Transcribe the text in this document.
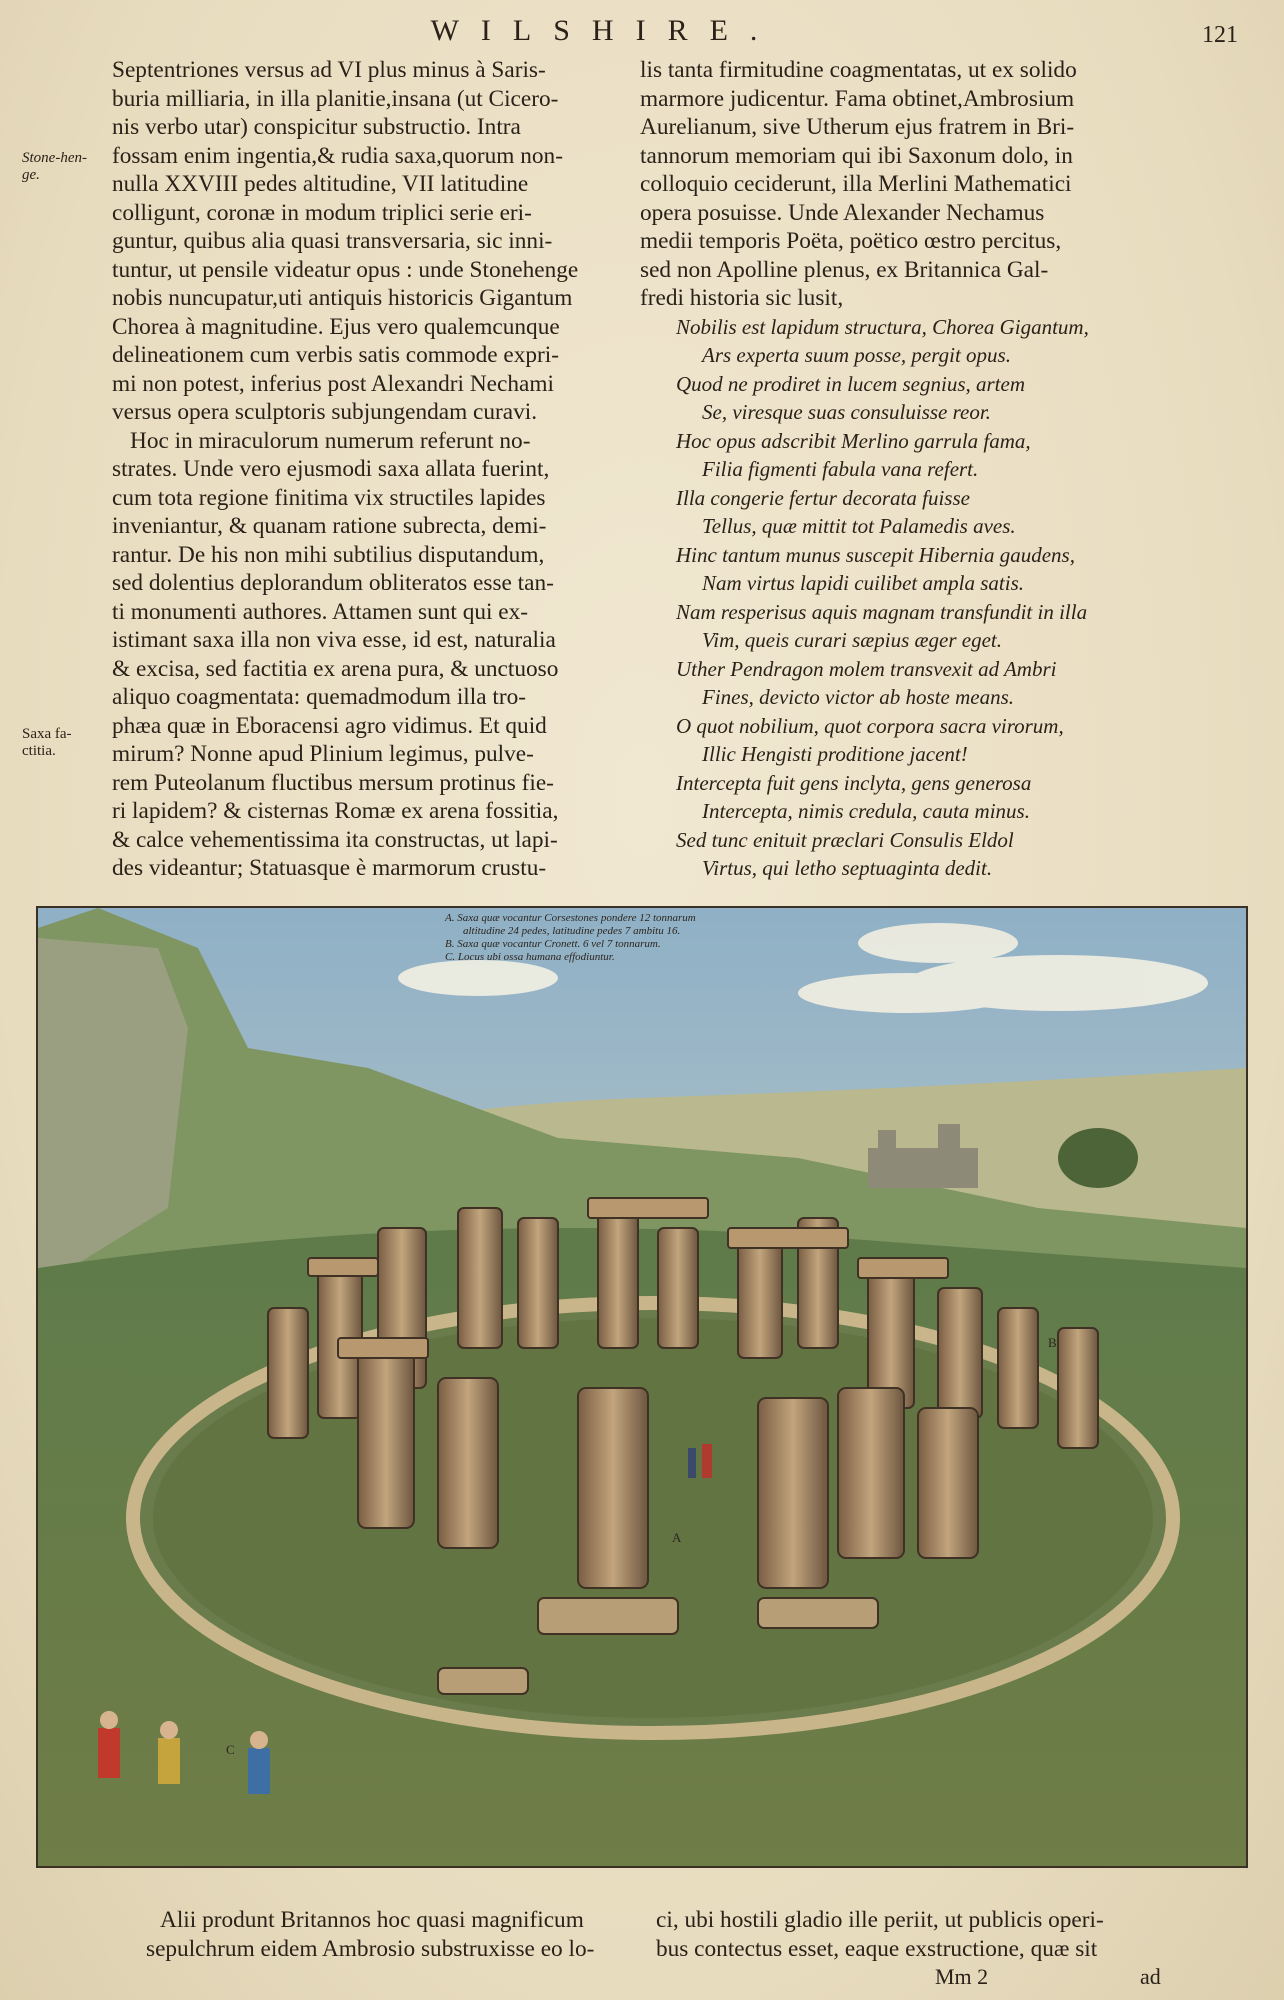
WILSHIRE.	121
Stone-hen-
ge.
Saxa fa-
ctitia.
Septentriones versus ad VI plus minus à Saris-
buria milliaria, in illa planitie,insana (ut Cicero-
nis verbo utar) conspicitur substructio. Intra
fossam enim ingentia,& rudia saxa,quorum non-
nulla XXVIII pedes altitudine, VII latitudine
colligunt, coronæ in modum triplici serie eri-
guntur, quibus alia quasi transversaria, sic inni-
tuntur, ut pensile videatur opus : unde Stonehenge
nobis nuncupatur,uti antiquis historicis Gigantum
Chorea à magnitudine. Ejus vero qualemcunque
delineationem cum verbis satis commode expri-
mi non potest, inferius post Alexandri Nechami
versus opera sculptoris subjungendam curavi.
Hoc in miraculorum numerum referunt no-
strates. Unde vero ejusmodi saxa allata fuerint,
cum tota regione finitima vix structiles lapides
inveniantur, & quanam ratione subrecta, demi-
rantur. De his non mihi subtilius disputandum,
sed dolentius deplorandum obliteratos esse tan-
ti monumenti authores. Attamen sunt qui ex-
istimant saxa illa non viva esse, id est, naturalia
& excisa, sed factitia ex arena pura, & unctuoso
aliquo coagmentata: quemadmodum illa tro-
phæa quæ in Eboracensi agro vidimus. Et quid
mirum? Nonne apud Plinium legimus, pulve-
rem Puteolanum fluctibus mersum protinus fie-
ri lapidem? & cisternas Romæ ex arena fossitia,
& calce vehementissima ita constructas, ut lapi-
des videantur; Statuasque è marmorum crustu-
lis tanta firmitudine coagmentatas, ut ex solido
marmore judicentur. Fama obtinet,Ambrosium
Aurelianum, sive Utherum ejus fratrem in Bri-
tannorum memoriam qui ibi Saxonum dolo, in
colloquio ceciderunt, illa Merlini Mathematici
opera posuisse. Unde Alexander Nechamus
medii temporis Poëta, poëtico œstro percitus,
sed non Apolline plenus, ex Britannica Gal-
fredi historia sic lusit,
Nobilis est lapidum structura, Chorea Gigantum,
Ars experta suum posse, pergit opus.
Quod ne prodiret in lucem segnius, artem
Se, viresque suas consuluisse reor.
Hoc opus adscribit Merlino garrula fama,
Filia figmenti fabula vana refert.
Illa congerie fertur decorata fuisse
Tellus, quæ mittit tot Palamedis aves.
Hinc tantum munus suscepit Hibernia gaudens,
Nam virtus lapidi cuilibet ampla satis.
Nam resperisus aquis magnam transfundit in illa
Vim, queis curari sæpius æger eget.
Uther Pendragon molem transvexit ad Ambri
Fines, devicto victor ab hoste means.
O quot nobilium, quot corpora sacra virorum,
Illic Hengisti proditione jacent!
Intercepta fuit gens inclyta, gens generosa
Intercepta, nimis credula, cauta minus.
Sed tunc enituit præclari Consulis Eldol
Virtus, qui letho septuaginta dedit.
A. Saxa quæ vocantur Corsestones pondere 12 tonnarum
altitudine 24 pedes, latitudine pedes 7 ambitu 16.
B. Saxa quæ vocantur Cronett. 6 vel 7 tonnarum.
C. Locus ubi ossa humana effodiuntur.
A
B
C
Alii produnt Britannos hoc quasi magnificum
sepulchrum eidem Ambrosio substruxisse eo lo-
ci, ubi hostili gladio ille periit, ut publicis operi-
bus contectus esset, eaque exstructione, quæ sit
Mm 2	ad
